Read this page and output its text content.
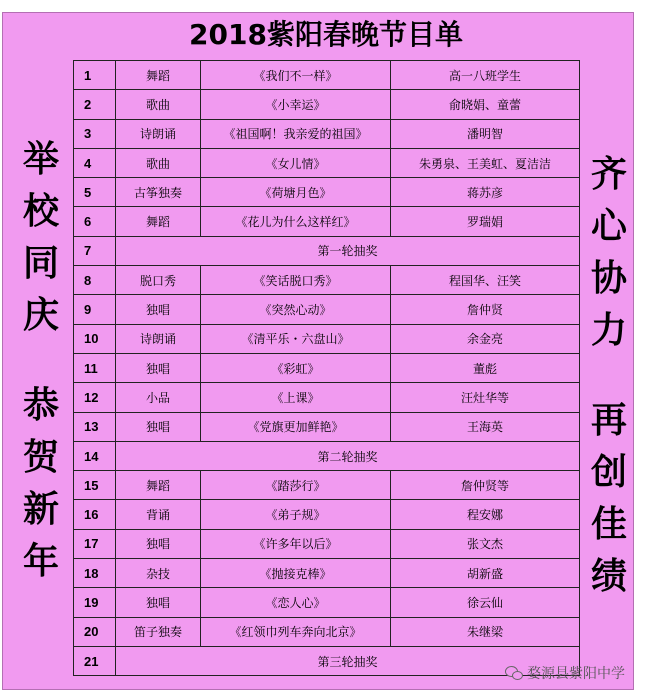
2018紫阳春晚节目单
举
校
同
庆
恭
贺
新
年
齐
心
协
力
再
创
佳
绩
1	舞蹈	《我们不一样》	高一八班学生
2	歌曲	《小幸运》	俞晓娟、童蕾
3	诗朗诵	《祖国啊！我亲爱的祖国》	潘明智
4	歌曲	《女儿情》	朱勇泉、王美虹、夏洁洁
5	古筝独奏	《荷塘月色》	蒋苏彦
6	舞蹈	《花儿为什么这样红》	罗瑞娟
7	第一轮抽奖		
8	脱口秀	《笑话脱口秀》	程国华、汪笑
9	独唱	《突然心动》	詹仲贤
10	诗朗诵	《清平乐・六盘山》	余金亮
11	独唱	《彩虹》	董彪
12	小品	《上课》	汪灶华等
13	独唱	《党旗更加鲜艳》	王海英
14	第二轮抽奖		
15	舞蹈	《踏莎行》	詹仲贤等
16	背诵	《弟子规》	程安娜
17	独唱	《许多年以后》	张文杰
18	杂技	《抛接克棒》	胡新盛
19	独唱	《恋人心》	徐云仙
20	笛子独奏	《红领巾列车奔向北京》	朱继梁
21	第三轮抽奖		
婺源县紫阳中学
